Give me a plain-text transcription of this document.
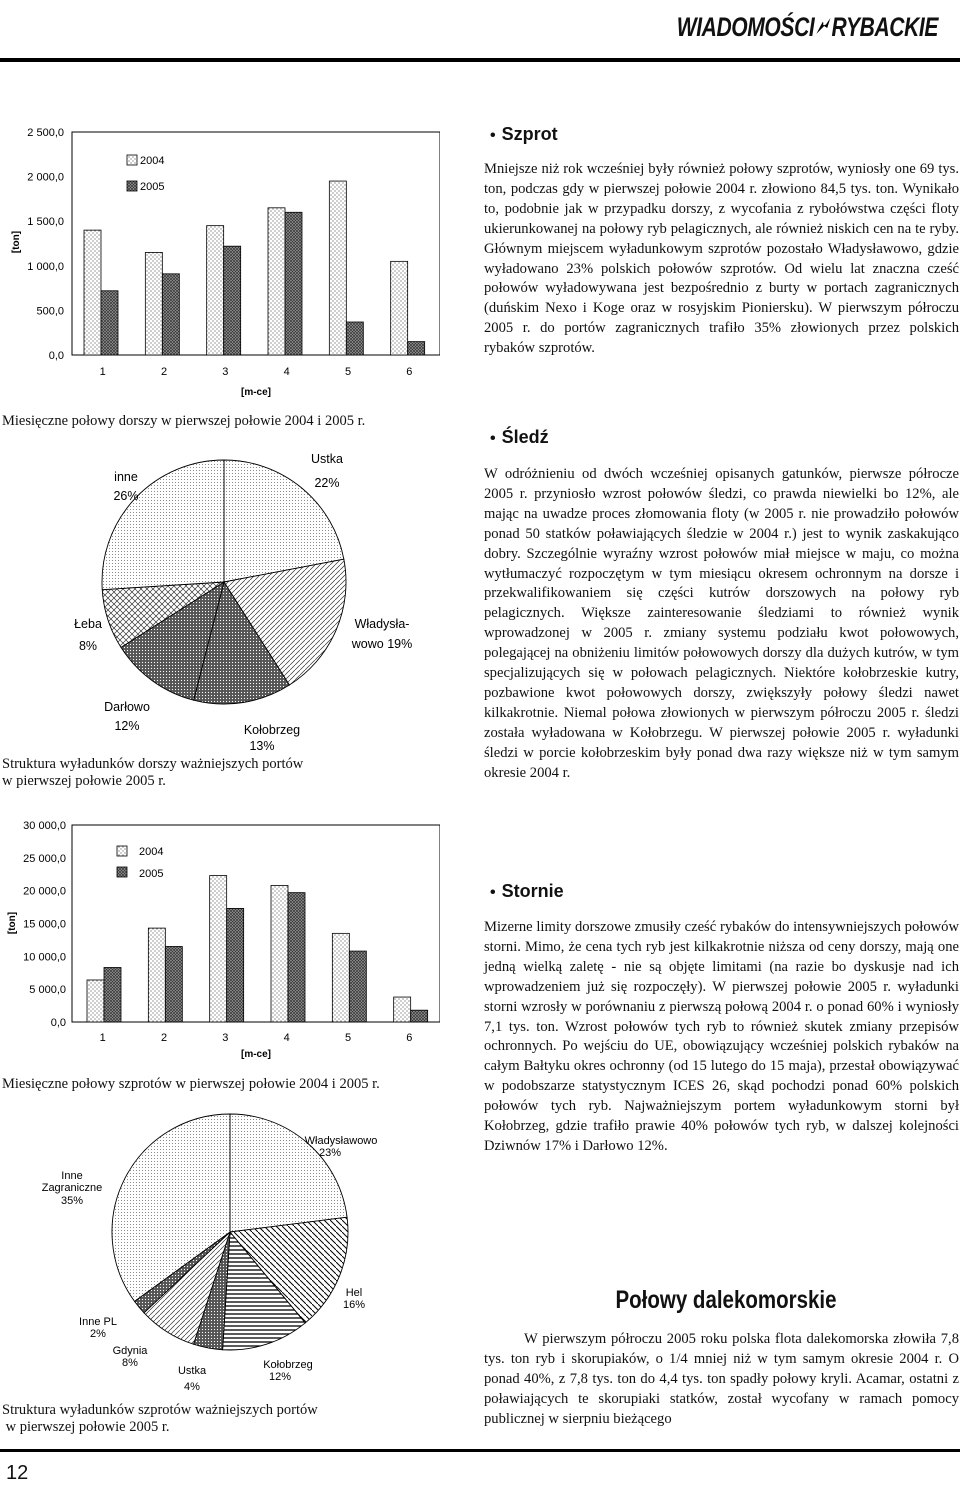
WIADOMOŚCI RYBACKIE
[ton]
0,0
500,0
1 000,0
1 500,0
2 000,0
2 500,0
1	2	3	4	5	6
2004
2005
[m-ce]
Miesięczne połowy dorszy w pierwszej połowie 2004 i 2005 r.
Ustka
22%
Władysła-
wowo 19%
Kołobrzeg
13%
Darłowo
12%
Łeba
8%
inne
26%
Struktura wyładunków dorszy ważniejszych portów
w pierwszej połowie 2005 r.
[ton]
0,0
5 000,0
10 000,0
15 000,0
20 000,0
25 000,0
30 000,0
1	2	3	4	5	6
2004
2005
[m-ce]
Miesięczne połowy szprotów w pierwszej połowie 2004 i 2005 r.
Władysławowo
23%
Hel
16%
Kołobrzeg
12%
Ustka
4%
Gdynia
8%
Inne PL
2%
Inne
Zagraniczne
35%
Struktura wyładunków szprotów ważniejszych portów
w pierwszej połowie 2005 r.
• Szprot

Mniejsze niż rok wcześniej były również połowy szprotów, wyniosły one 69 tys. ton, podczas gdy w pierwszej połowie 2004 r. złowiono 84,5 tys. ton. Wynikało to, podobnie jak w przypadku dorszy, z wycofania z rybołówstwa części floty ukierunkowanej na połowy ryb pelagicznych, ale również niskich cen na te ryby. Głównym miejscem wyładunkowym szprotów pozostało Władysławowo, gdzie wyładowano 23% polskich połowów szprotów. Od wielu lat znaczna cześć połowów wyładowywana jest bezpośrednio z burty w portach zagranicznych (duńskim Nexo i Koge oraz w rosyjskim Pioniersku). W pierwszym półroczu 2005 r. do portów zagranicznych trafiło 35% złowionych przez polskich rybaków szprotów.

• Śledź

W odróżnieniu od dwóch wcześniej opisanych gatunków, pierwsze półrocze 2005 r. przyniosło wzrost połowów śledzi, co prawda niewielki bo 12%, ale mając na uwadze proces złomowania floty (w 2005 r. nie prowadziło połowów ponad 50 statków poławiających śledzie w 2004 r.) jest to wynik zaskakująco dobry. Szczególnie wyraźny wzrost połowów miał miejsce w maju, co można wytłumaczyć rozpoczętym w tym miesiącu okresem ochronnym na dorsze i przekwalifikowaniem się części kutrów dorszowych na połowy ryb pelagicznych. Większe zainteresowanie śledziami to również wynik wprowadzonej w 2005 r. zmiany systemu podziału kwot połowowych, polegającej na obniżeniu limitów połowowych dorszy dla dużych kutrów, w tym specjalizujących się w połowach pelagicznych. Niektóre kołobrzeskie kutry, pozbawione kwot połowowych dorszy, zwiększyły połowy śledzi nawet kilkakrotnie. Niemal połowa złowionych w pierwszym półroczu 2005 r. śledzi została wyładowana w Kołobrzegu. W pierwszej połowie 2005 r. wyładunki śledzi w porcie kołobrzeskim były ponad dwa razy większe niż w tym samym okresie 2004 r.

• Stornie

Mizerne limity dorszowe zmusiły cześć rybaków do intensywniejszych połowów storni. Mimo, że cena tych ryb jest kilkakrotnie niższa od ceny dorszy, mają one jedną wielką zaletę - nie są objęte limitami (na razie bo dyskusje nad ich wprowadzeniem już się rozpoczęły). W pierwszej połowie 2005 r. wyładunki storni wzrosły w porównaniu z pierwszą połową 2004 r. o ponad 60% i wyniosły 7,1 tys. ton. Wzrost połowów tych ryb to również skutek zmiany przepisów ochronnych. Po wejściu do UE, obowiązujący wcześniej polskich rybaków na całym Bałtyku okres ochronny (od 15 lutego do 15 maja), przestał obowiązywać w podobszarze statystycznym ICES 26, skąd pochodzi ponad 60% polskich połowów tych ryb. Najważniejszym portem wyładunkowym storni był Kołobrzeg, gdzie trafiło prawie 40% połowów tych ryb, w dalszej kolejności Dziwnów 17% i Darłowo 12%.

Połowy dalekomorskie

W pierwszym półroczu 2005 roku polska flota dalekomorska złowiła 7,8 tys. ton ryb i skorupiaków, o 1/4 mniej niż w tym samym okresie 2004 r. O ponad 40%, z 7,8 tys. ton do 4,4 tys. ton spadły połowy kryli. Acamar, ostatni z poławiających te skorupiaki statków, został wycofany w ramach pomocy publicznej w sierpniu bieżącego

12
